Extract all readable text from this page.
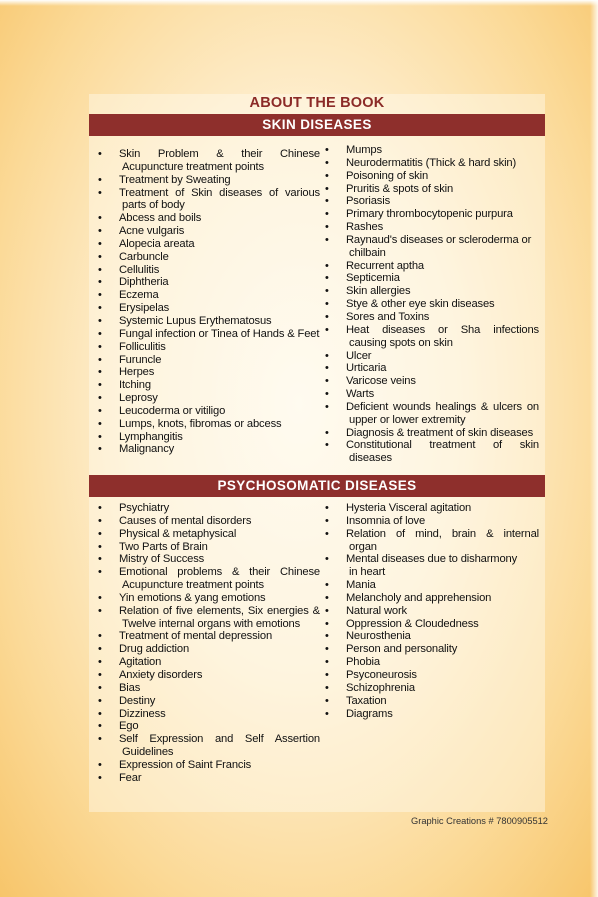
ABOUT THE BOOK
SKIN DISEASES
• Skin Problem & their Chinese
Acupuncture treatment points
• Treatment by Sweating
• Treatment of Skin diseases of various
parts of body
• Abcess and boils
• Acne vulgaris
• Alopecia areata
• Carbuncle
• Cellulitis
• Diphtheria
• Eczema
• Erysipelas
• Systemic Lupus Erythematosus
• Fungal infection or Tinea of Hands & Feet
• Folliculitis
• Furuncle
• Herpes
• Itching
• Leprosy
• Leucoderma or vitiligo
• Lumps, knots, fibromas or abcess
• Lymphangitis
• Malignancy
• Mumps
• Neurodermatitis (Thick & hard skin)
• Poisoning of skin
• Pruritis & spots of skin
• Psoriasis
• Primary thrombocytopenic purpura
• Rashes
• Raynaud's diseases or scleroderma or
chilbain
• Recurrent aptha
• Septicemia
• Skin allergies
• Stye & other eye skin diseases
• Sores and Toxins
• Heat diseases or Sha infections
causing spots on skin
• Ulcer
• Urticaria
• Varicose veins
• Warts
• Deficient wounds healings & ulcers on
upper or lower extremity
• Diagnosis & treatment of skin diseases
• Constitutional treatment of skin
diseases
PSYCHOSOMATIC DISEASES
• Psychiatry
• Causes of mental disorders
• Physical & metaphysical
• Two Parts of Brain
• Mistry of Success
• Emotional problems & their Chinese
Acupuncture treatment points
• Yin emotions & yang emotions
• Relation of five elements, Six energies &
Twelve internal organs with emotions
• Treatment of mental depression
• Drug addiction
• Agitation
• Anxiety disorders
• Bias
• Destiny
• Dizziness
• Ego
• Self Expression and Self Assertion
Guidelines
• Expression of Saint Francis
• Fear
• Hysteria Visceral agitation
• Insomnia of love
• Relation of mind, brain & internal
organ
• Mental diseases due to disharmony
in heart
• Mania
• Melancholy and apprehension
• Natural work
• Oppression & Cloudedness
• Neurosthenia
• Person and personality
• Phobia
• Psyconeurosis
• Schizophrenia
• Taxation
• Diagrams
Graphic Creations # 7800905512
